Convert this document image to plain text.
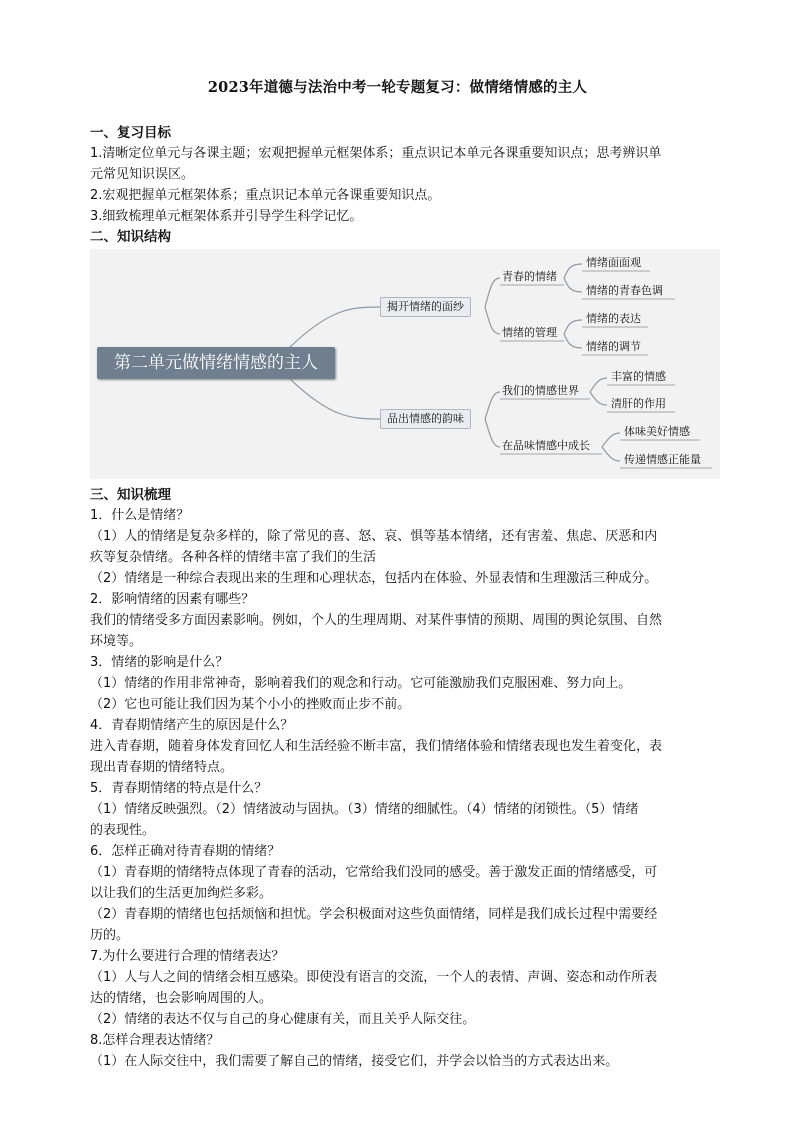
2023年道德与法治中考一轮专题复习：做情绪情感的主人
一、复习目标
1.清晰定位单元与各课主题；宏观把握单元框架体系；重点识记本单元各课重要知识点；思考辨识单
元常见知识误区。
2.宏观把握单元框架体系；重点识记本单元各课重要知识点。
3.细致梳理单元框架体系并引导学生科学记忆。
二、知识结构
第二单元做情绪情感的主人
揭开情绪的面纱
品出情感的韵味
青春的情绪
情绪的管理
我们的情感世界
在品味情感中成长
情绪面面观
情绪的青春色调
情绪的表达
情绪的调节
丰富的情感
清肝的作用
体味美好情感
传递情感正能量
三、知识梳理
1．什么是情绪？
（1）人的情绪是复杂多样的，除了常见的喜、怒、哀、惧等基本情绪，还有害羞、焦虑、厌恶和内
疚等复杂情绪。各种各样的情绪丰富了我们的生活
（2）情绪是一种综合表现出来的生理和心理状态，包括内在体验、外显表情和生理激活三种成分。
2．影响情绪的因素有哪些？
我们的情绪受多方面因素影响。例如，个人的生理周期、对某件事情的预期、周围的舆论氛围、自然
环境等。
3．情绪的影响是什么？
（1）情绪的作用非常神奇，影响着我们的观念和行动。它可能激励我们克服困难、努力向上。
（2）它也可能让我们因为某个小小的挫败而止步不前。
4．青春期情绪产生的原因是什么？
进入青春期，随着身体发育回忆人和生活经验不断丰富，我们情绪体验和情绪表现也发生着变化，表
现出青春期的情绪特点。
5．青春期情绪的特点是什么？
（1）情绪反映强烈。（2）情绪波动与固执。（3）情绪的细腻性。（4）情绪的闭锁性。（5）情绪
的表现性。
6．怎样正确对待青春期的情绪？
（1）青春期的情绪特点体现了青春的活动，它常给我们没同的感受。善于激发正面的情绪感受，可
以让我们的生活更加绚烂多彩。
（2）青春期的情绪也包括烦恼和担忧。学会积极面对这些负面情绪，同样是我们成长过程中需要经
历的。
7.为什么要进行合理的情绪表达？
（1）人与人之间的情绪会相互感染。即使没有语言的交流，一个人的表情、声调、姿态和动作所表
达的情绪，也会影响周围的人。
（2）情绪的表达不仅与自己的身心健康有关，而且关乎人际交往。
8.怎样合理表达情绪？
（1）在人际交往中，我们需要了解自己的情绪，接受它们，并学会以恰当的方式表达出来。
